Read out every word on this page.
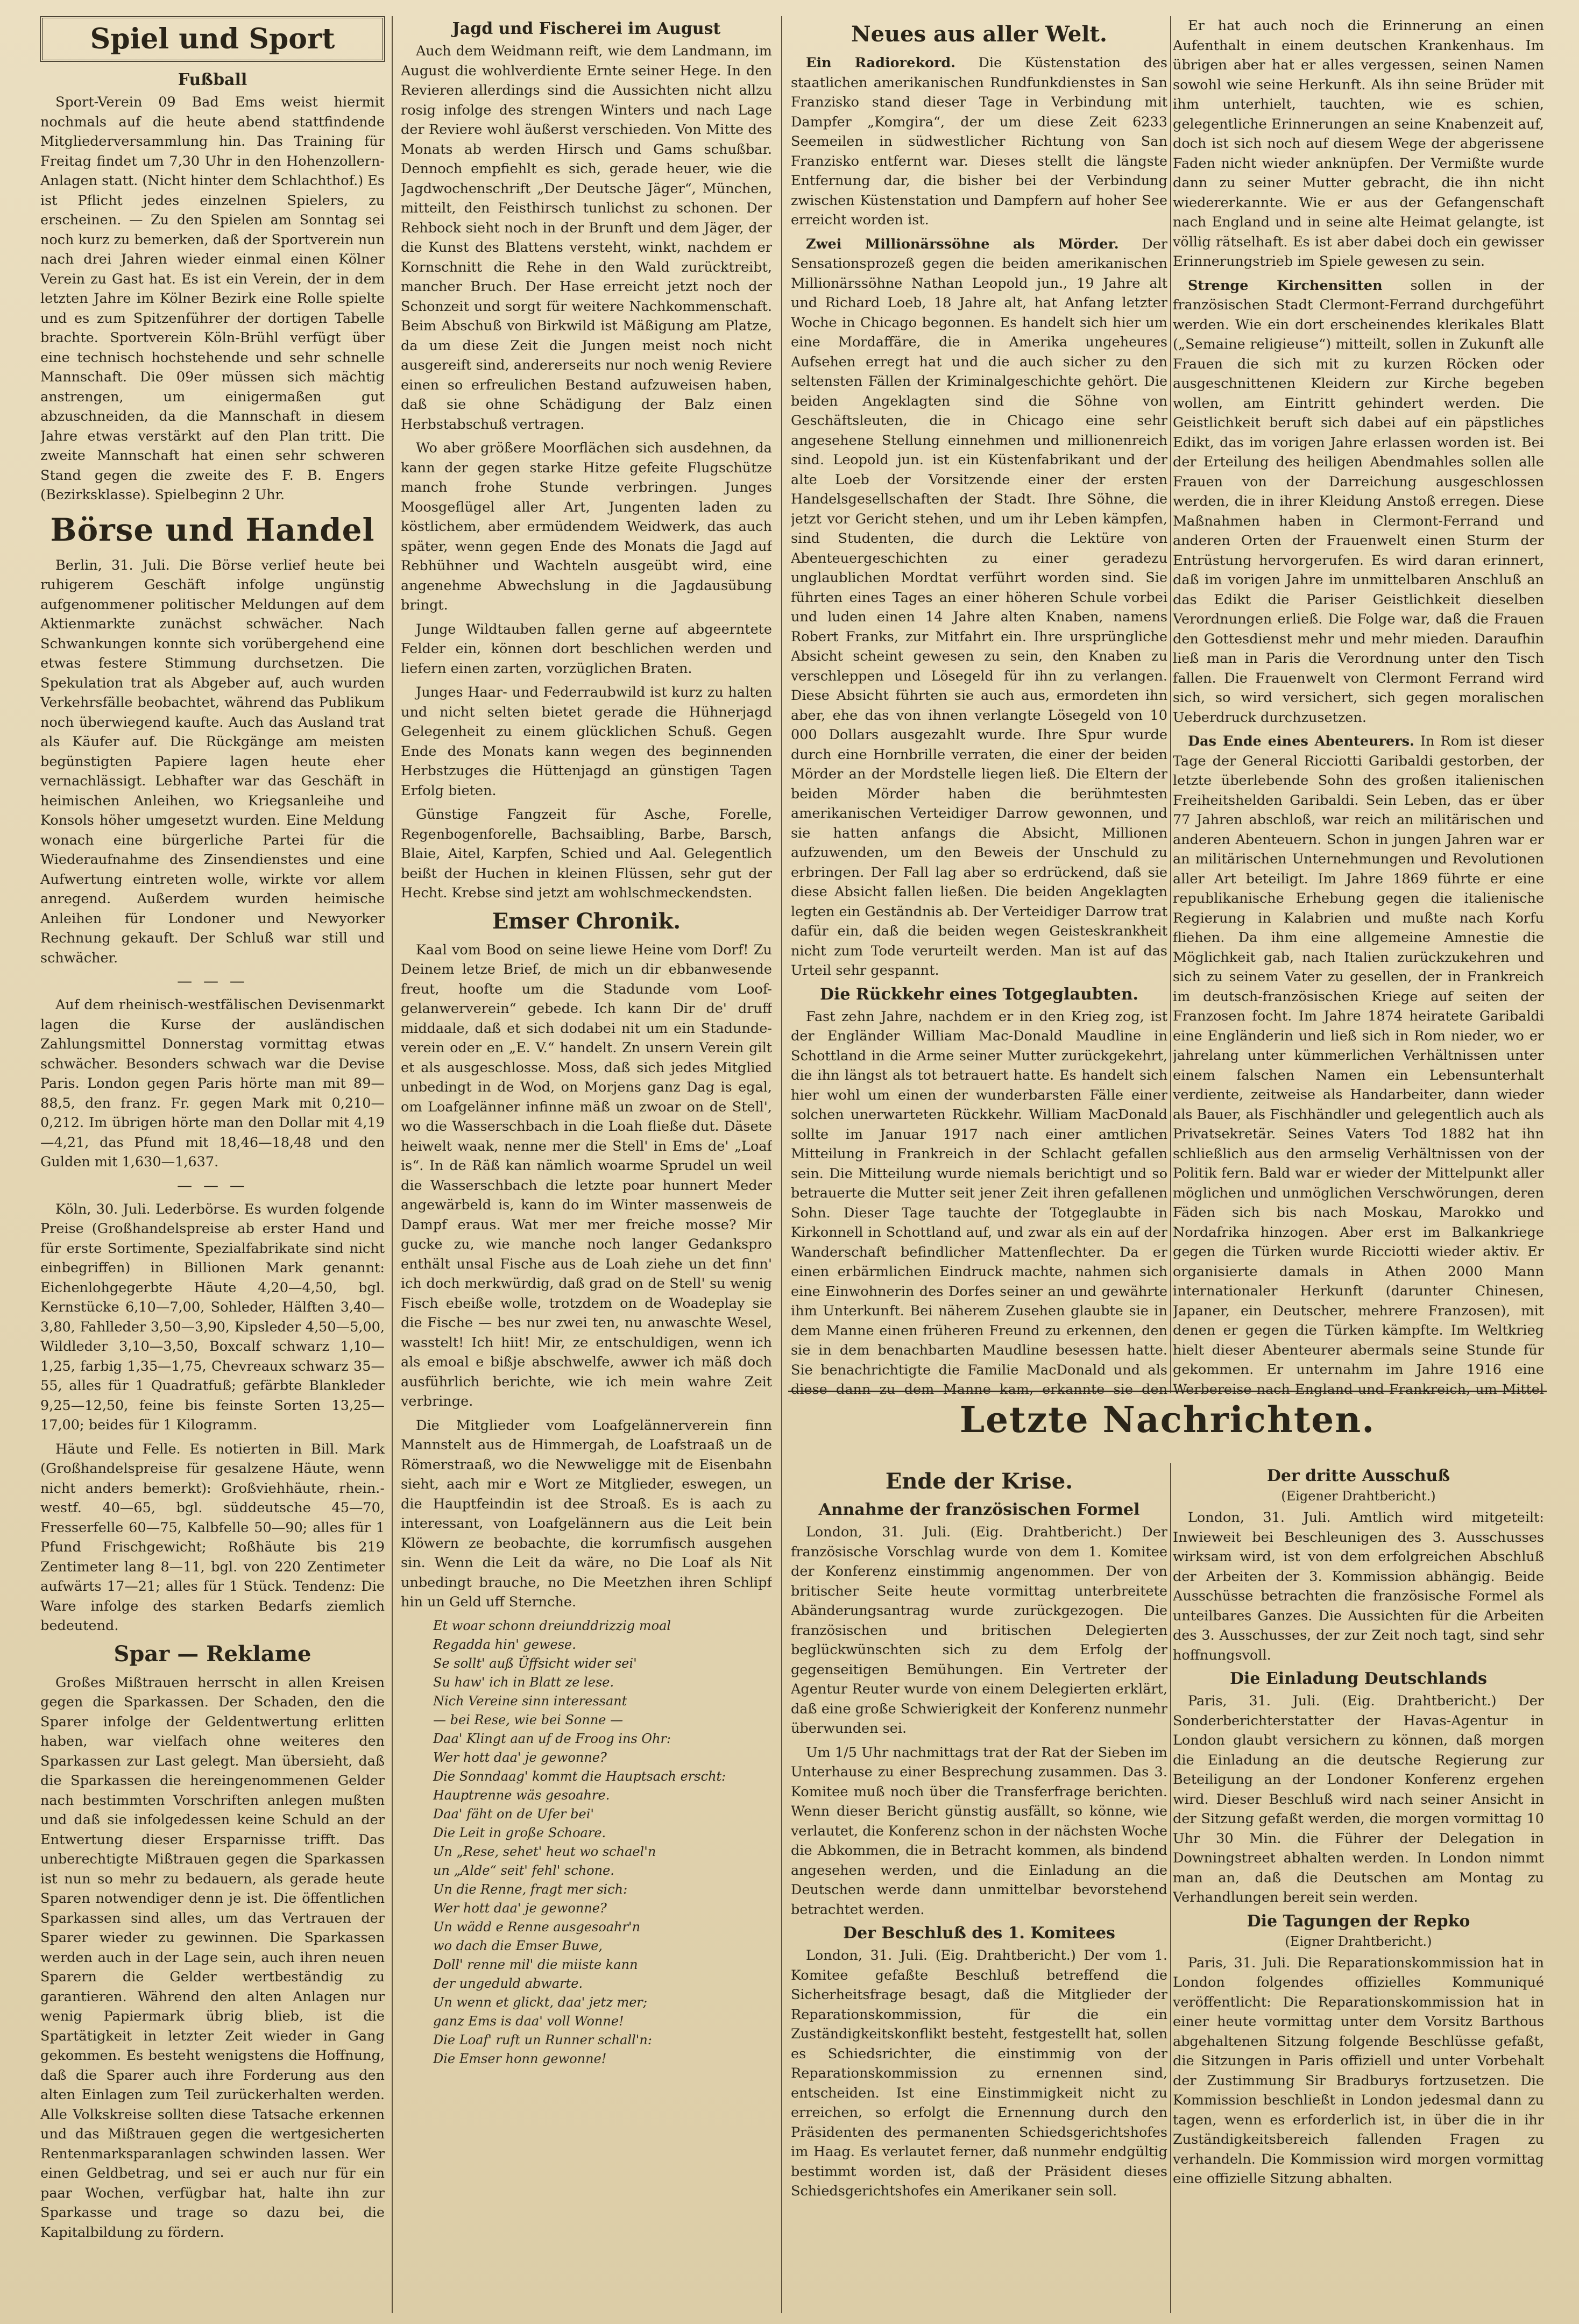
Spiel und Sport
Fußball

Sport-Verein 09 Bad Ems weist hiermit nochmals auf die heute abend stattfindende Mitgliederversammlung hin. Das Training für Freitag findet um 7,30 Uhr in den Hohenzollern-Anlagen statt. (Nicht hinter dem Schlachthof.) Es ist Pflicht jedes einzelnen Spielers, zu erscheinen. — Zu den Spielen am Sonntag sei noch kurz zu bemerken, daß der Sportverein nun nach drei Jahren wieder einmal einen Kölner Verein zu Gast hat. Es ist ein Verein, der in dem letzten Jahre im Kölner Bezirk eine Rolle spielte und es zum Spitzenführer der dortigen Tabelle brachte. Sportverein Köln-Brühl verfügt über eine technisch hochstehende und sehr schnelle Mannschaft. Die 09er müssen sich mächtig anstrengen, um einigermaßen gut abzuschneiden, da die Mannschaft in diesem Jahre etwas verstärkt auf den Plan tritt. Die zweite Mannschaft hat einen sehr schweren Stand gegen die zweite des F. B. Engers (Bezirksklasse). Spielbeginn 2 Uhr.

Börse und Handel

Berlin, 31. Juli. Die Börse verlief heute bei ruhigerem Geschäft infolge ungünstig aufgenommener politischer Meldungen auf dem Aktienmarkte zunächst schwächer. Nach Schwankungen konnte sich vorübergehend eine etwas festere Stimmung durchsetzen. Die Spekulation trat als Abgeber auf, auch wurden Verkehrsfälle beobachtet, während das Publikum noch überwiegend kaufte. Auch das Ausland trat als Käufer auf. Die Rückgänge am meisten begünstigten Papiere lagen heute eher vernachlässigt. Lebhafter war das Geschäft in heimischen Anleihen, wo Kriegsanleihe und Konsols höher umgesetzt wurden. Eine Meldung wonach eine bürgerliche Partei für die Wiederaufnahme des Zinsendienstes und eine Aufwertung eintreten wolle, wirkte vor allem anregend. Außerdem wurden heimische Anleihen für Londoner und Newyorker Rechnung gekauft. Der Schluß war still und schwächer.

— — —

Auf dem rheinisch-westfälischen Devisenmarkt lagen die Kurse der ausländischen Zahlungsmittel Donnerstag vormittag etwas schwächer. Besonders schwach war die Devise Paris. London gegen Paris hörte man mit 89—88,5, den franz. Fr. gegen Mark mit 0,210—0,212. Im übrigen hörte man den Dollar mit 4,19—4,21, das Pfund mit 18,46—18,48 und den Gulden mit 1,630—1,637.

— — —

Köln, 30. Juli. Lederbörse. Es wurden folgende Preise (Großhandelspreise ab erster Hand und für erste Sortimente, Spezialfabrikate sind nicht einbegriffen) in Billionen Mark genannt: Eichenlohgegerbte Häute 4,20—4,50, bgl. Kernstücke 6,10—7,00, Sohleder, Hälften 3,40—3,80, Fahlleder 3,50—3,90, Kipsleder 4,50—5,00, Wildleder 3,10—3,50, Boxcalf schwarz 1,10—1,25, farbig 1,35—1,75, Chevreaux schwarz 35—55, alles für 1 Quadratfuß; gefärbte Blankleder 9,25—12,50, feine bis feinste Sorten 13,25—17,00; beides für 1 Kilogramm.

Häute und Felle. Es notierten in Bill. Mark (Großhandelspreise für gesalzene Häute, wenn nicht anders bemerkt): Großviehhäute, rhein.-westf. 40—65, bgl. süddeutsche 45—70, Fresserfelle 60—75, Kalbfelle 50—90; alles für 1 Pfund Frischgewicht; Roßhäute bis 219 Zentimeter lang 8—11, bgl. von 220 Zentimeter aufwärts 17—21; alles für 1 Stück. Tendenz: Die Ware infolge des starken Bedarfs ziemlich bedeutend.

Spar — Reklame

Großes Mißtrauen herrscht in allen Kreisen gegen die Sparkassen. Der Schaden, den die Sparer infolge der Geldentwertung erlitten haben, war vielfach ohne weiteres den Sparkassen zur Last gelegt. Man übersieht, daß die Sparkassen die hereingenommenen Gelder nach bestimmten Vorschriften anlegen mußten und daß sie infolgedessen keine Schuld an der Entwertung dieser Ersparnisse trifft. Das unberechtigte Mißtrauen gegen die Sparkassen ist nun so mehr zu bedauern, als gerade heute Sparen notwendiger denn je ist. Die öffentlichen Sparkassen sind alles, um das Vertrauen der Sparer wieder zu gewinnen. Die Sparkassen werden auch in der Lage sein, auch ihren neuen Sparern die Gelder wertbeständig zu garantieren. Während den alten Anlagen nur wenig Papiermark übrig blieb, ist die Spartätigkeit in letzter Zeit wieder in Gang gekommen. Es besteht wenigstens die Hoffnung, daß die Sparer auch ihre Forderung aus den alten Einlagen zum Teil zurückerhalten werden. Alle Volkskreise sollten diese Tatsache erkennen und das Mißtrauen gegen die wertgesicherten Rentenmarksparanlagen schwinden lassen. Wer einen Geldbetrag, und sei er auch nur für ein paar Wochen, verfügbar hat, halte ihn zur Sparkasse und trage so dazu bei, die Kapitalbildung zu fördern.

Jagd und Fischerei im August

Auch dem Weidmann reift, wie dem Landmann, im August die wohlverdiente Ernte seiner Hege. In den Revieren allerdings sind die Aussichten nicht allzu rosig infolge des strengen Winters und nach Lage der Reviere wohl äußerst verschieden. Von Mitte des Monats ab werden Hirsch und Gams schußbar. Dennoch empfiehlt es sich, gerade heuer, wie die Jagdwochenschrift „Der Deutsche Jäger“, München, mitteilt, den Feisthirsch tunlichst zu schonen. Der Rehbock sieht noch in der Brunft und dem Jäger, der die Kunst des Blattens versteht, winkt, nachdem er Kornschnitt die Rehe in den Wald zurücktreibt, mancher Bruch. Der Hase erreicht jetzt noch der Schonzeit und sorgt für weitere Nachkommenschaft. Beim Abschuß von Birkwild ist Mäßigung am Platze, da um diese Zeit die Jungen meist noch nicht ausgereift sind, andererseits nur noch wenig Reviere einen so erfreulichen Bestand aufzuweisen haben, daß sie ohne Schädigung der Balz einen Herbstabschuß vertragen.

Wo aber größere Moorflächen sich ausdehnen, da kann der gegen starke Hitze gefeite Flugschütze manch frohe Stunde verbringen. Junges Moosgeflügel aller Art, Jungenten laden zu köstlichem, aber ermüdendem Weidwerk, das auch später, wenn gegen Ende des Monats die Jagd auf Rebhühner und Wachteln ausgeübt wird, eine angenehme Abwechslung in die Jagdausübung bringt.

Junge Wildtauben fallen gerne auf abgeerntete Felder ein, können dort beschlichen werden und liefern einen zarten, vorzüglichen Braten.

Junges Haar- und Federraubwild ist kurz zu halten und nicht selten bietet gerade die Hühnerjagd Gelegenheit zu einem glücklichen Schuß. Gegen Ende des Monats kann wegen des beginnenden Herbstzuges die Hüttenjagd an günstigen Tagen Erfolg bieten.

Günstige Fangzeit für Asche, Forelle, Regenbogenforelle, Bachsaibling, Barbe, Barsch, Blaie, Aitel, Karpfen, Schied und Aal. Gelegentlich beißt der Huchen in kleinen Flüssen, sehr gut der Hecht. Krebse sind jetzt am wohlschmeckendsten.

Emser Chronik.

Kaal vom Bood on seine liewe Heine vom Dorf! Zu Deinem letze Brief, de mich un dir ebbanwesende freut, hoofte um die Stadunde vom Loof-gelanwerverein“ gebede. Ich kann Dir de' druff middaale, daß et sich dodabei nit um ein Stadunde-verein oder en „E. V.“ handelt. Zn unsern Verein gilt et als ausgeschlosse. Moss, daß sich jedes Mitglied unbedingt in de Wod, on Morjens ganz Dag is egal, om Loafgelänner infinne mäß un zwoar on de Stell', wo die Wasserschbach in die Loah fließe dut. Däsete heiwelt waak, nenne mer die Stell' in Ems de' „Loaf is“. In de Räß kan nämlich woarme Sprudel un weil die Wasserschbach die letzte poar hunnert Meder angewärbeld is, kann do im Winter massenweis de Dampf eraus. Wat mer mer freiche mosse? Mir gucke zu, wie manche noch langer Gedankspro enthält unsal Fische aus de Loah ziehe un det finn' ich doch merkwürdig, daß grad on de Stell' su wenig Fisch ebeiße wolle, trotzdem on de Woadeplay sie die Fische — bes nur zwei ten, nu anwaschte Wesel, wasstelt! Ich hiit! Mir, ze entschuldigen, wenn ich als emoal e bißje abschwelfe, awwer ich mäß doch ausführlich berichte, wie ich mein wahre Zeit verbringe.

Die Mitglieder vom Loafgelännerverein finn Mannstelt aus de Himmergah, de Loafstraaß un de Römerstraaß, wo die Newweligge mit de Eisenbahn sieht, aach mir e Wort ze Mitglieder, eswegen, un die Hauptfeindin ist dee Stroaß. Es is aach zu interessant, von Loafgelännern aus die Leit bein Klöwern ze beobachte, die korrumfisch ausgehen sin. Wenn die Leit da wäre, no Die Loaf als Nit unbedingt brauche, no Die Meetzhen ihren Schlipf hin un Geld uff Sternche.

Et woar schonn dreiunddrizzig moal
Regadda hin' gewese.
Se sollt' auß Üffsicht wider sei'
Su haw' ich in Blatt ze lese.
Nich Vereine sinn interessant
— bei Rese, wie bei Sonne —
Daa' Klingt aan uf de Froog ins Ohr:
Wer hott daa' je gewonne?
Die Sonndaag' kommt die Hauptsach erscht:
Hauptrenne wäs gesoahre.
Daa' fäht on de Ufer bei'
Die Leit in große Schoare.
Un „Rese, sehet' heut wo schael'n
un „Alde“ seit' fehl' schone.
Un die Renne, fragt mer sich:
Wer hott daa' je gewonne?
Un wädd e Renne ausgesoahr'n
wo dach die Emser Buwe,
Doll' renne mil' die miiste kann
der ungeduld abwarte.
Un wenn et glickt, daa' jetz mer;
ganz Ems is daa' voll Wonne!
Die Loaf' ruft un Runner schall'n:
Die Emser honn gewonne!
Neues aus aller Welt.

Ein Radiorekord. Die Küstenstation des staatlichen amerikanischen Rundfunkdienstes in San Franzisko stand dieser Tage in Verbindung mit Dampfer „Komgira“, der um diese Zeit 6233 Seemeilen in südwestlicher Richtung von San Franzisko entfernt war. Dieses stellt die längste Entfernung dar, die bisher bei der Verbindung zwischen Küstenstation und Dampfern auf hoher See erreicht worden ist.

Zwei Millionärssöhne als Mörder. Der Sensationsprozeß gegen die beiden amerikanischen Millionärssöhne Nathan Leopold jun., 19 Jahre alt und Richard Loeb, 18 Jahre alt, hat Anfang letzter Woche in Chicago begonnen. Es handelt sich hier um eine Mordaffäre, die in Amerika ungeheures Aufsehen erregt hat und die auch sicher zu den seltensten Fällen der Kriminalgeschichte gehört. Die beiden Angeklagten sind die Söhne von Geschäftsleuten, die in Chicago eine sehr angesehene Stellung einnehmen und millionenreich sind. Leopold jun. ist ein Küstenfabrikant und der alte Loeb der Vorsitzende einer der ersten Handelsgesellschaften der Stadt. Ihre Söhne, die jetzt vor Gericht stehen, und um ihr Leben kämpfen, sind Studenten, die durch die Lektüre von Abenteuergeschichten zu einer geradezu unglaublichen Mordtat verführt worden sind. Sie führten eines Tages an einer höheren Schule vorbei und luden einen 14 Jahre alten Knaben, namens Robert Franks, zur Mitfahrt ein. Ihre ursprüngliche Absicht scheint gewesen zu sein, den Knaben zu verschleppen und Lösegeld für ihn zu verlangen. Diese Absicht führten sie auch aus, ermordeten ihn aber, ehe das von ihnen verlangte Lösegeld von 10 000 Dollars ausgezahlt wurde. Ihre Spur wurde durch eine Hornbrille verraten, die einer der beiden Mörder an der Mordstelle liegen ließ. Die Eltern der beiden Mörder haben die berühmtesten amerikanischen Verteidiger Darrow gewonnen, und sie hatten anfangs die Absicht, Millionen aufzuwenden, um den Beweis der Unschuld zu erbringen. Der Fall lag aber so erdrückend, daß sie diese Absicht fallen ließen. Die beiden Angeklagten legten ein Geständnis ab. Der Verteidiger Darrow trat dafür ein, daß die beiden wegen Geisteskrankheit nicht zum Tode verurteilt werden. Man ist auf das Urteil sehr gespannt.

Die Rückkehr eines Totgeglaubten.

Fast zehn Jahre, nachdem er in den Krieg zog, ist der Engländer William Mac-Donald Maudline in Schottland in die Arme seiner Mutter zurückgekehrt, die ihn längst als tot betrauert hatte. Es handelt sich hier wohl um einen der wunderbarsten Fälle einer solchen unerwarteten Rückkehr. William MacDonald sollte im Januar 1917 nach einer amtlichen Mitteilung in Frankreich in der Schlacht gefallen sein. Die Mitteilung wurde niemals berichtigt und so betrauerte die Mutter seit jener Zeit ihren gefallenen Sohn. Dieser Tage tauchte der Totgeglaubte in Kirkonnell in Schottland auf, und zwar als ein auf der Wanderschaft befindlicher Mattenflechter. Da er einen erbärmlichen Eindruck machte, nahmen sich eine Einwohnerin des Dorfes seiner an und gewährte ihm Unterkunft. Bei näherem Zusehen glaubte sie in dem Manne einen früheren Freund zu erkennen, den sie in dem benachbarten Maudline besessen hatte. Sie benachrichtigte die Familie MacDonald und als diese dann zu dem Manne kam, erkannte sie den

Er hat auch noch die Erinnerung an einen Aufenthalt in einem deutschen Krankenhaus. Im übrigen aber hat er alles vergessen, seinen Namen sowohl wie seine Herkunft. Als ihn seine Brüder mit ihm unterhielt, tauchten, wie es schien, gelegentliche Erinnerungen an seine Knabenzeit auf, doch ist sich noch auf diesem Wege der abgerissene Faden nicht wieder anknüpfen. Der Vermißte wurde dann zu seiner Mutter gebracht, die ihn nicht wiedererkannte. Wie er aus der Gefangenschaft nach England und in seine alte Heimat gelangte, ist völlig rätselhaft. Es ist aber dabei doch ein gewisser Erinnerungstrieb im Spiele gewesen zu sein.

Strenge Kirchensitten sollen in der französischen Stadt Clermont-Ferrand durchgeführt werden. Wie ein dort erscheinendes klerikales Blatt („Semaine religieuse“) mitteilt, sollen in Zukunft alle Frauen die sich mit zu kurzen Röcken oder ausgeschnittenen Kleidern zur Kirche begeben wollen, am Eintritt gehindert werden. Die Geistlichkeit beruft sich dabei auf ein päpstliches Edikt, das im vorigen Jahre erlassen worden ist. Bei der Erteilung des heiligen Abendmahles sollen alle Frauen von der Darreichung ausgeschlossen werden, die in ihrer Kleidung Anstoß erregen. Diese Maßnahmen haben in Clermont-Ferrand und anderen Orten der Frauenwelt einen Sturm der Entrüstung hervorgerufen. Es wird daran erinnert, daß im vorigen Jahre im unmittelbaren Anschluß an das Edikt die Pariser Geistlichkeit dieselben Verordnungen erließ. Die Folge war, daß die Frauen den Gottesdienst mehr und mehr mieden. Daraufhin ließ man in Paris die Verordnung unter den Tisch fallen. Die Frauenwelt von Clermont Ferrand wird sich, so wird versichert, sich gegen moralischen Ueberdruck durchzusetzen.

Das Ende eines Abenteurers. In Rom ist dieser Tage der General Ricciotti Garibaldi gestorben, der letzte überlebende Sohn des großen italienischen Freiheitshelden Garibaldi. Sein Leben, das er über 77 Jahren abschloß, war reich an militärischen und anderen Abenteuern. Schon in jungen Jahren war er an militärischen Unternehmungen und Revolutionen aller Art beteiligt. Im Jahre 1869 führte er eine republikanische Erhebung gegen die italienische Regierung in Kalabrien und mußte nach Korfu fliehen. Da ihm eine allgemeine Amnestie die Möglichkeit gab, nach Italien zurückzukehren und sich zu seinem Vater zu gesellen, der in Frankreich im deutsch-französischen Kriege auf seiten der Franzosen focht. Im Jahre 1874 heiratete Garibaldi eine Engländerin und ließ sich in Rom nieder, wo er jahrelang unter kümmerlichen Verhältnissen unter einem falschen Namen ein Lebensunterhalt verdiente, zeitweise als Handarbeiter, dann wieder als Bauer, als Fischhändler und gelegentlich auch als Privatsekretär. Seines Vaters Tod 1882 hat ihn schließlich aus den armselig Verhältnissen von der Politik fern. Bald war er wieder der Mittelpunkt aller möglichen und unmöglichen Verschwörungen, deren Fäden sich bis nach Moskau, Marokko und Nordafrika hinzogen. Aber erst im Balkankriege gegen die Türken wurde Ricciotti wieder aktiv. Er organisierte damals in Athen 2000 Mann internationaler Herkunft (darunter Chinesen, Japaner, ein Deutscher, mehrere Franzosen), mit denen er gegen die Türken kämpfte. Im Weltkrieg hielt dieser Abenteurer abermals seine Stunde für gekommen. Er unternahm im Jahre 1916 eine Werbereise nach England und Frankreich, um Mittel

Letzte Nachrichten.
Ende der Krise.
Annahme der französischen Formel

London, 31. Juli. (Eig. Drahtbericht.) Der französische Vorschlag wurde von dem 1. Komitee der Konferenz einstimmig angenommen. Der von britischer Seite heute vormittag unterbreitete Abänderungsantrag wurde zurückgezogen. Die französischen und britischen Delegierten beglückwünschten sich zu dem Erfolg der gegenseitigen Bemühungen. Ein Vertreter der Agentur Reuter wurde von einem Delegierten erklärt, daß eine große Schwierigkeit der Konferenz nunmehr überwunden sei.

Um 1/5 Uhr nachmittags trat der Rat der Sieben im Unterhause zu einer Besprechung zusammen. Das 3. Komitee muß noch über die Transferfrage berichten. Wenn dieser Bericht günstig ausfällt, so könne, wie verlautet, die Konferenz schon in der nächsten Woche die Abkommen, die in Betracht kommen, als bindend angesehen werden, und die Einladung an die Deutschen werde dann unmittelbar bevorstehend betrachtet werden.

Der Beschluß des 1. Komitees

London, 31. Juli. (Eig. Drahtbericht.) Der vom 1. Komitee gefaßte Beschluß betreffend die Sicherheitsfrage besagt, daß die Mitglieder der Reparationskommission, für die ein Zuständigkeitskonflikt besteht, festgestellt hat, sollen es Schiedsrichter, die einstimmig von der Reparationskommission zu ernennen sind, entscheiden. Ist eine Einstimmigkeit nicht zu erreichen, so erfolgt die Ernennung durch den Präsidenten des permanenten Schiedsgerichtshofes im Haag. Es verlautet ferner, daß nunmehr endgültig bestimmt worden ist, daß der Präsident dieses Schiedsgerichtshofes ein Amerikaner sein soll.

Der dritte Ausschuß
(Eigener Drahtbericht.)

London, 31. Juli. Amtlich wird mitgeteilt: Inwieweit bei Beschleunigen des 3. Ausschusses wirksam wird, ist von dem erfolgreichen Abschluß der Arbeiten der 3. Kommission abhängig. Beide Ausschüsse betrachten die französische Formel als unteilbares Ganzes. Die Aussichten für die Arbeiten des 3. Ausschusses, der zur Zeit noch tagt, sind sehr hoffnungsvoll.

Die Einladung Deutschlands

Paris, 31. Juli. (Eig. Drahtbericht.) Der Sonderberichterstatter der Havas-Agentur in London glaubt versichern zu können, daß morgen die Einladung an die deutsche Regierung zur Beteiligung an der Londoner Konferenz ergehen wird. Dieser Beschluß wird nach seiner Ansicht in der Sitzung gefaßt werden, die morgen vormittag 10 Uhr 30 Min. die Führer der Delegation in Downingstreet abhalten werden. In London nimmt man an, daß die Deutschen am Montag zu Verhandlungen bereit sein werden.

Die Tagungen der Repko
(Eigner Drahtbericht.)

Paris, 31. Juli. Die Reparationskommission hat in London folgendes offizielles Kommuniqué veröffentlicht: Die Reparationskommission hat in einer heute vormittag unter dem Vorsitz Barthous abgehaltenen Sitzung folgende Beschlüsse gefaßt, die Sitzungen in Paris offiziell und unter Vorbehalt der Zustimmung Sir Bradburys fortzusetzen. Die Kommission beschließt in London jedesmal dann zu tagen, wenn es erforderlich ist, in über die in ihr Zuständigkeitsbereich fallenden Fragen zu verhandeln. Die Kommission wird morgen vormittag eine offizielle Sitzung abhalten.
